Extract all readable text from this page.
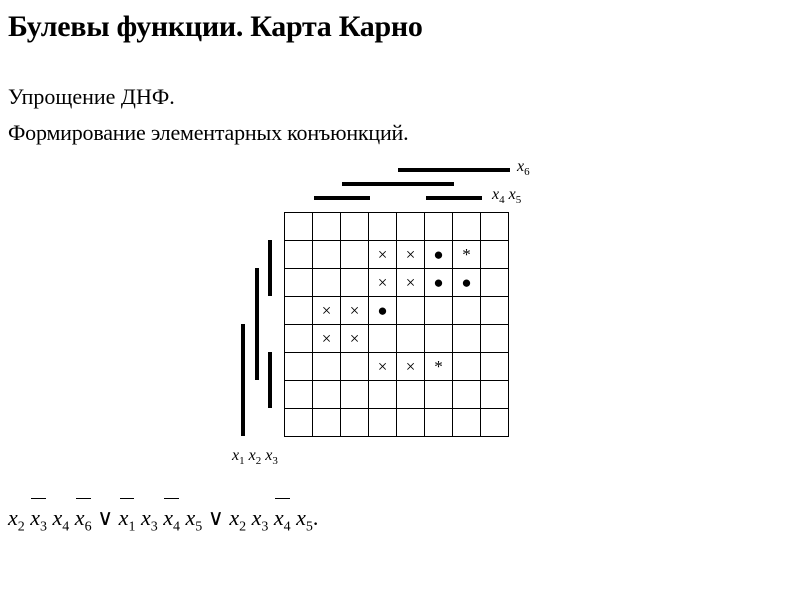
Булевы функции. Карта Карно
Упрощение ДНФ.
Формирование элементарных конъюнкций.
$x_6$
$x_4$ $x_5$
$x_1$ $x_2$ $x_3$

			×	×	●	*	
			×	×	●	●	
	×	×	●				
	×	×					
			×	×	*		

$x_2$ $x_3$ $x_4$ $x_6$ ∨ $x_1$ $x_3$ $x_4$ $x_5$ ∨ $x_2$ $x_3$ $x_4$ $x_5$.
